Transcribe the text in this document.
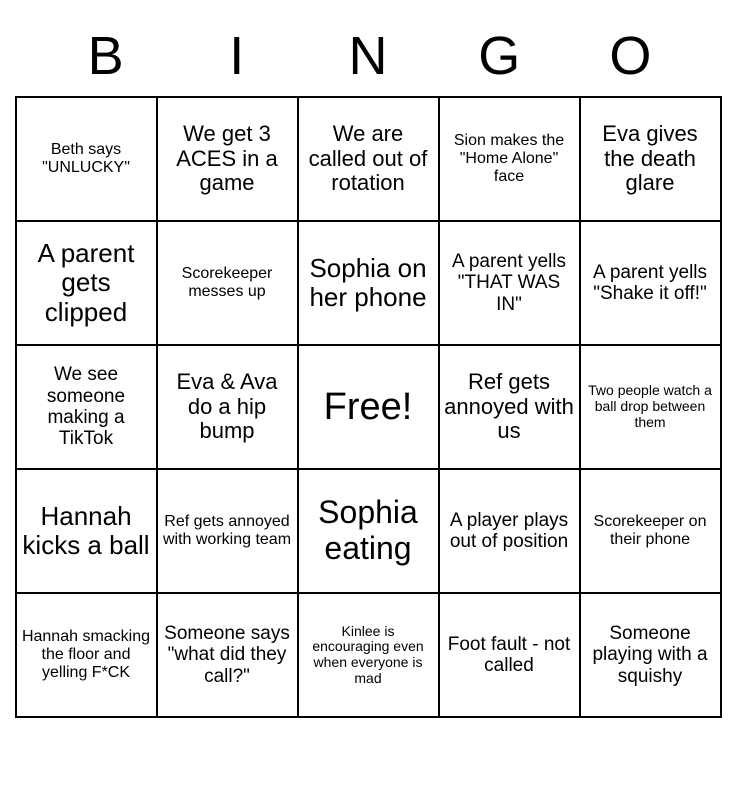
B	I	N	G	O
Beth says "UNLUCKY"	We get 3 ACES in a game	We are called out of rotation	Sion makes the "Home Alone" face	Eva gives the death glare

A parent gets clipped	Scorekeeper messes up	Sophia on her phone	A parent yells "THAT WAS IN"	A parent yells "Shake it off!"

We see someone making a TikTok	Eva & Ava do a hip bump	Free!	Ref gets annoyed with us	Two people watch a ball drop between them

Hannah kicks a ball	Ref gets annoyed with working team	Sophia eating	A player plays out of position	Scorekeeper on their phone

Hannah smacking the floor and yelling F*CK	Someone says "what did they call?"	Kinlee is encouraging even when everyone is mad	Foot fault - not called	Someone playing with a squishy
